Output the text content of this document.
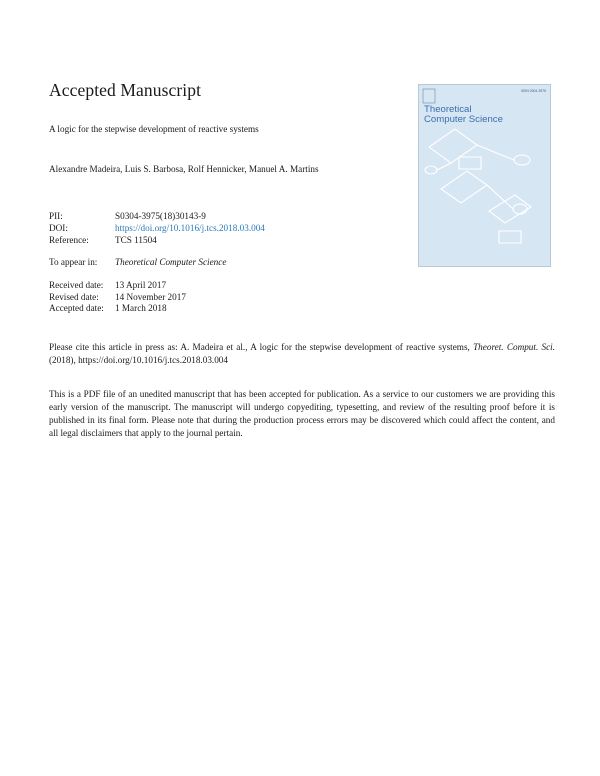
Accepted Manuscript
A logic for the stepwise development of reactive systems
Alexandre Madeira, Luis S. Barbosa, Rolf Hennicker, Manuel A. Martins
PII:	S0304-3975(18)30143-9
DOI:	https://doi.org/10.1016/j.tcs.2018.03.004
Reference:	TCS 11504
To appear in: Theoretical Computer Science
Received date: 13 April 2017
Revised date: 14 November 2017
Accepted date: 1 March 2018
Please cite this article in press as: A. Madeira et al., A logic for the stepwise development of reactive systems, Theoret. Comput. Sci. (2018), https://doi.org/10.1016/j.tcs.2018.03.004
This is a PDF file of an unedited manuscript that has been accepted for publication. As a service to our customers we are providing this early version of the manuscript. The manuscript will undergo copyediting, typesetting, and review of the resulting proof before it is published in its final form. Please note that during the production process errors may be discovered which could affect the content, and all legal disclaimers that apply to the journal pertain.
ISSN 0304-3975
Theoretical
Computer Science
